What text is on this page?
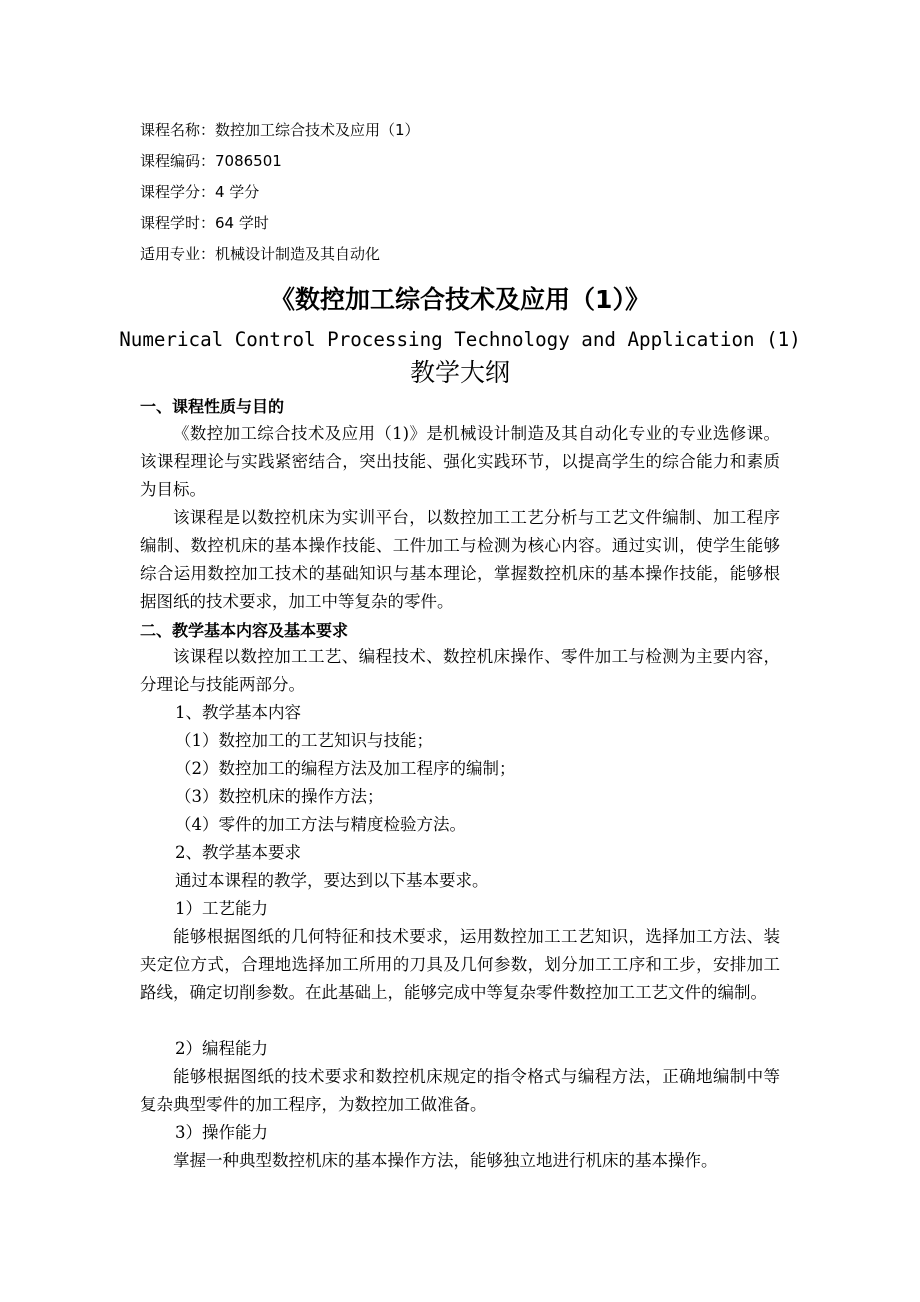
课程名称：数控加工综合技术及应用（1）
课程编码：7086501
课程学分：4 学分
课程学时：64 学时
适用专业：机械设计制造及其自动化
《数控加工综合技术及应用（1）》
Numerical Control Processing Technology and Application (1)
教学大纲
一、课程性质与目的
《数控加工综合技术及应用（1)》是机械设计制造及其自动化专业的专业选修课。该课程理论与实践紧密结合，突出技能、强化实践环节，以提高学生的综合能力和素质为目标。
该课程是以数控机床为实训平台，以数控加工工艺分析与工艺文件编制、加工程序编制、数控机床的基本操作技能、工件加工与检测为核心内容。通过实训，使学生能够综合运用数控加工技术的基础知识与基本理论，掌握数控机床的基本操作技能，能够根据图纸的技术要求，加工中等复杂的零件。
二、教学基本内容及基本要求
该课程以数控加工工艺、编程技术、数控机床操作、零件加工与检测为主要内容，分理论与技能两部分。
1、教学基本内容
（1）数控加工的工艺知识与技能；
（2）数控加工的编程方法及加工程序的编制；
（3）数控机床的操作方法；
（4）零件的加工方法与精度检验方法。
2、教学基本要求
通过本课程的教学，要达到以下基本要求。
1）工艺能力
能够根据图纸的几何特征和技术要求，运用数控加工工艺知识，选择加工方法、装夹定位方式，合理地选择加工所用的刀具及几何参数，划分加工工序和工步，安排加工路线，确定切削参数。在此基础上，能够完成中等复杂零件数控加工工艺文件的编制。
2）编程能力
能够根据图纸的技术要求和数控机床规定的指令格式与编程方法，正确地编制中等复杂典型零件的加工程序，为数控加工做准备。
3）操作能力
掌握一种典型数控机床的基本操作方法，能够独立地进行机床的基本操作。
